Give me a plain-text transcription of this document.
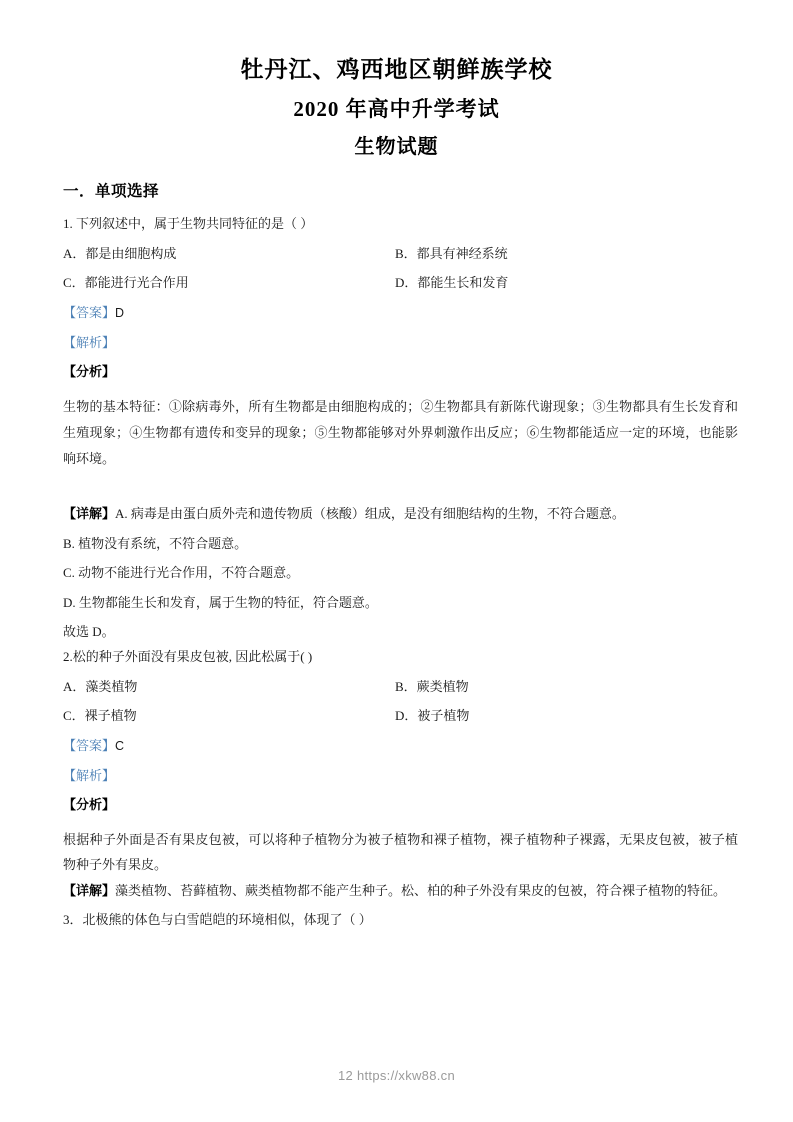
牡丹江、鸡西地区朝鲜族学校
2020 年高中升学考试
生物试题
一．单项选择

1. 下列叙述中，属于生物共同特征的是（ ）

A．都是由细胞构成	B．都具有神经系统
C．都能进行光合作用	D．都能生长和发育

【答案】D

【解析】

【分析】

生物的基本特征：①除病毒外，所有生物都是由细胞构成的；②生物都具有新陈代谢现象；③生物都具有生长发育和生殖现象；④生物都有遗传和变异的现象；⑤生物都能够对外界刺激作出反应；⑥生物都能适应一定的环境，也能影响环境。

【详解】A. 病毒是由蛋白质外壳和遗传物质（核酸）组成，是没有细胞结构的生物，不符合题意。
B. 植物没有系统，不符合题意。
C. 动物不能进行光合作用，不符合题意。
D. 生物都能生长和发育，属于生物的特征，符合题意。
故选 D。

2.松的种子外面没有果皮包被, 因此松属于( )

A．藻类植物	B．蕨类植物
C．裸子植物	D．被子植物

【答案】C

【解析】

【分析】

根据种子外面是否有果皮包被，可以将种子植物分为被子植物和裸子植物，裸子植物种子裸露，无果皮包被，被子植物种子外有果皮。

【详解】藻类植物、苔藓植物、蕨类植物都不能产生种子。松、柏的种子外没有果皮的包被，符合裸子植物的特征。

3．北极熊的体色与白雪皑皑的环境相似，体现了（ ）

12 https://xkw88.cn
